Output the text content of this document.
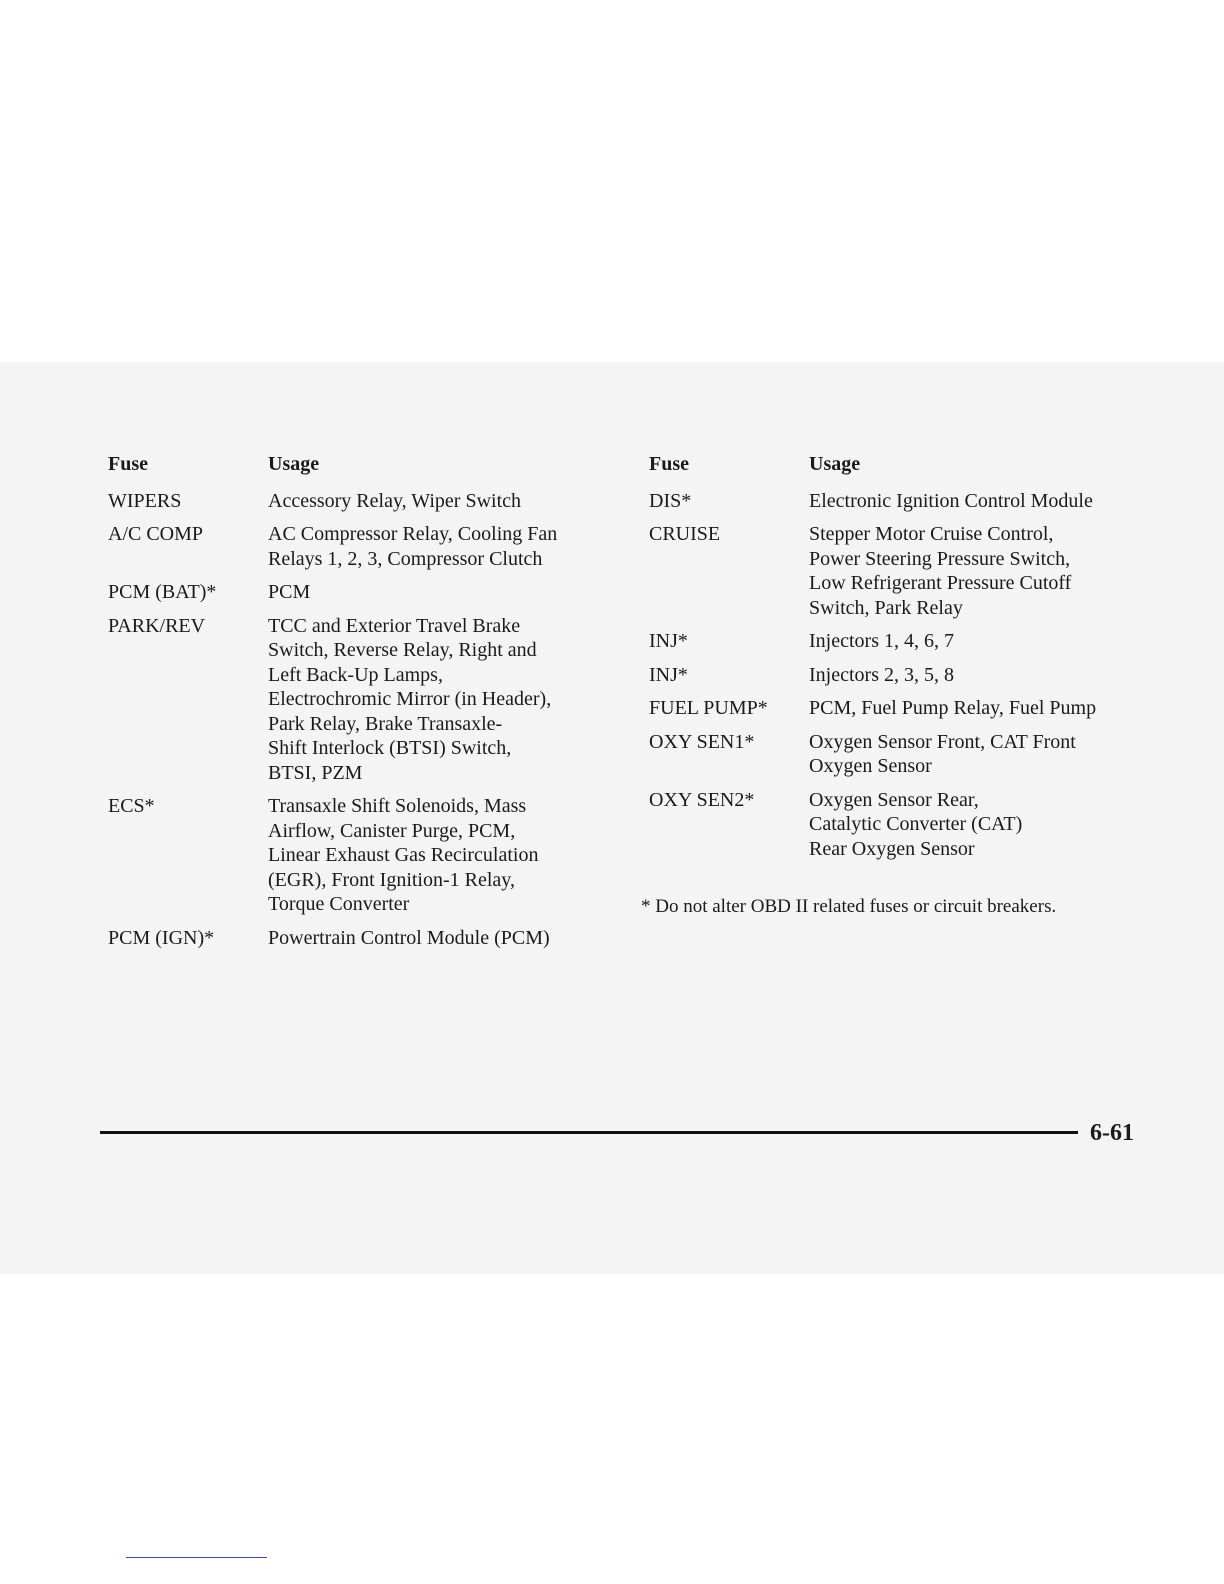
Fuse	Usage
WIPERS	Accessory Relay, Wiper Switch
A/C COMP	AC Compressor Relay, Cooling Fan
Relays 1, 2, 3, Compressor Clutch
PCM (BAT)*	PCM
PARK/REV	TCC and Exterior Travel Brake
Switch, Reverse Relay, Right and
Left Back-Up Lamps,
Electrochromic Mirror (in Header),
Park Relay, Brake Transaxle-
Shift Interlock (BTSI) Switch,
BTSI, PZM
ECS*	Transaxle Shift Solenoids, Mass
Airflow, Canister Purge, PCM,
Linear Exhaust Gas Recirculation
(EGR), Front Ignition-1 Relay,
Torque Converter
PCM (IGN)*	Powertrain Control Module (PCM)
Fuse	Usage
DIS*	Electronic Ignition Control Module
CRUISE	Stepper Motor Cruise Control,
Power Steering Pressure Switch,
Low Refrigerant Pressure Cutoff
Switch, Park Relay
INJ*	Injectors 1, 4, 6, 7
INJ*	Injectors 2, 3, 5, 8
FUEL PUMP*	PCM, Fuel Pump Relay, Fuel Pump
OXY SEN1*	Oxygen Sensor Front, CAT Front
Oxygen Sensor
OXY SEN2*	Oxygen Sensor Rear,
Catalytic Converter (CAT)
Rear Oxygen Sensor
* Do not alter OBD II related fuses or circuit breakers.
6-61
